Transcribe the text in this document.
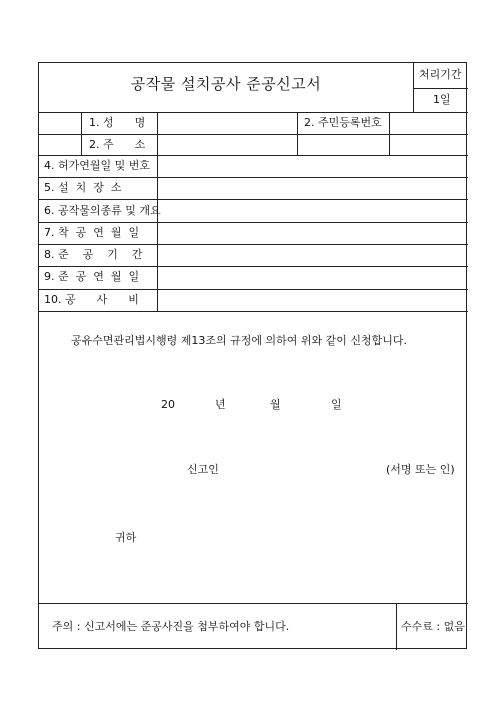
공작물 설치공사 준공신고서
처리기간
1일
1. 성      명	2. 주민등록번호
2. 주      소
4. 허가연월일 및 번호
5. 설  치  장  소
6. 공작물의종류 및 개요
7. 착  공  연  월  일
8. 준    공    기    간
9. 준  공  연  월  일
10. 공      사      비
공유수면관리법시행령 제13조의 규정에 의하여 위와 같이 신청합니다.
20	년	월	일
신고인	(서명 또는 인)
귀하
주의 : 신고서에는 준공사진을 첨부하여야 합니다.	수수료 : 없음
